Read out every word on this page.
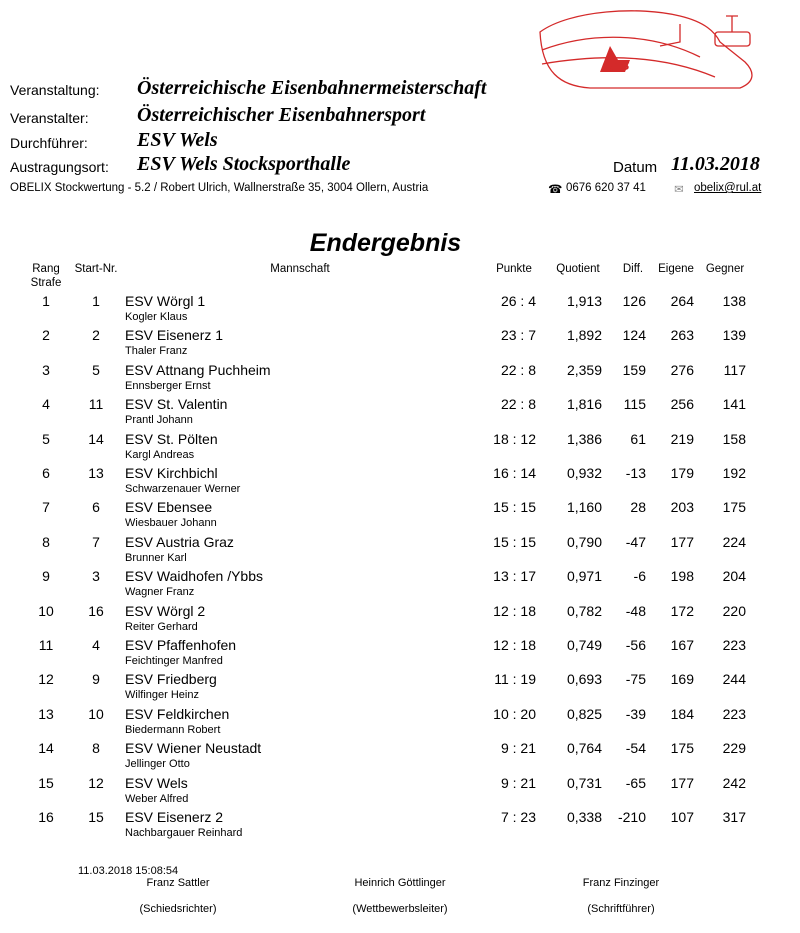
ÖES
Veranstaltung: Österreichische Eisenbahnermeisterschaft
Veranstalter: Österreichischer Eisenbahnersport
Durchführer: ESV Wels
Austragungsort: ESV Wels Stocksporthalle	Datum 11.03.2018
OBELIX Stockwertung - 5.2 / Robert Ulrich, Wallnerstraße 35, 3004 Ollern, Austria	☎ 0676 620 37 41 ✉ obelix@rul.at
Endergebnis
Rang
Strafe
Start-Nr.	Mannschaft	Punkte	Quotient	Diff.	Eigene	Gegner
1	1	ESV Wörgl 1	26 : 4	1,913	126	264	138
Kogler Klaus
2	2	ESV Eisenerz 1	23 : 7	1,892	124	263	139
Thaler Franz
3	5	ESV Attnang Puchheim	22 : 8	2,359	159	276	117
Ennsberger Ernst
4	11	ESV St. Valentin	22 : 8	1,816	115	256	141
Prantl Johann
5	14	ESV St. Pölten	18 : 12	1,386	61	219	158
Kargl Andreas
6	13	ESV Kirchbichl	16 : 14	0,932	-13	179	192
Schwarzenauer Werner
7	6	ESV Ebensee	15 : 15	1,160	28	203	175
Wiesbauer Johann
8	7	ESV Austria Graz	15 : 15	0,790	-47	177	224
Brunner Karl
9	3	ESV Waidhofen /Ybbs	13 : 17	0,971	-6	198	204
Wagner Franz
10	16	ESV Wörgl 2	12 : 18	0,782	-48	172	220
Reiter Gerhard
11	4	ESV Pfaffenhofen	12 : 18	0,749	-56	167	223
Feichtinger Manfred
12	9	ESV Friedberg	11 : 19	0,693	-75	169	244
Wilfinger Heinz
13	10	ESV Feldkirchen	10 : 20	0,825	-39	184	223
Biedermann Robert
14	8	ESV Wiener Neustadt	9 : 21	0,764	-54	175	229
Jellinger Otto
15	12	ESV Wels	9 : 21	0,731	-65	177	242
Weber Alfred
16	15	ESV Eisenerz 2	7 : 23	0,338	-210	107	317
Nachbargauer Reinhard
11.03.2018 15:08:54
Franz Sattler
(Schiedsrichter)
Heinrich Göttlinger
(Wettbewerbsleiter)
Franz Finzinger
(Schriftführer)
